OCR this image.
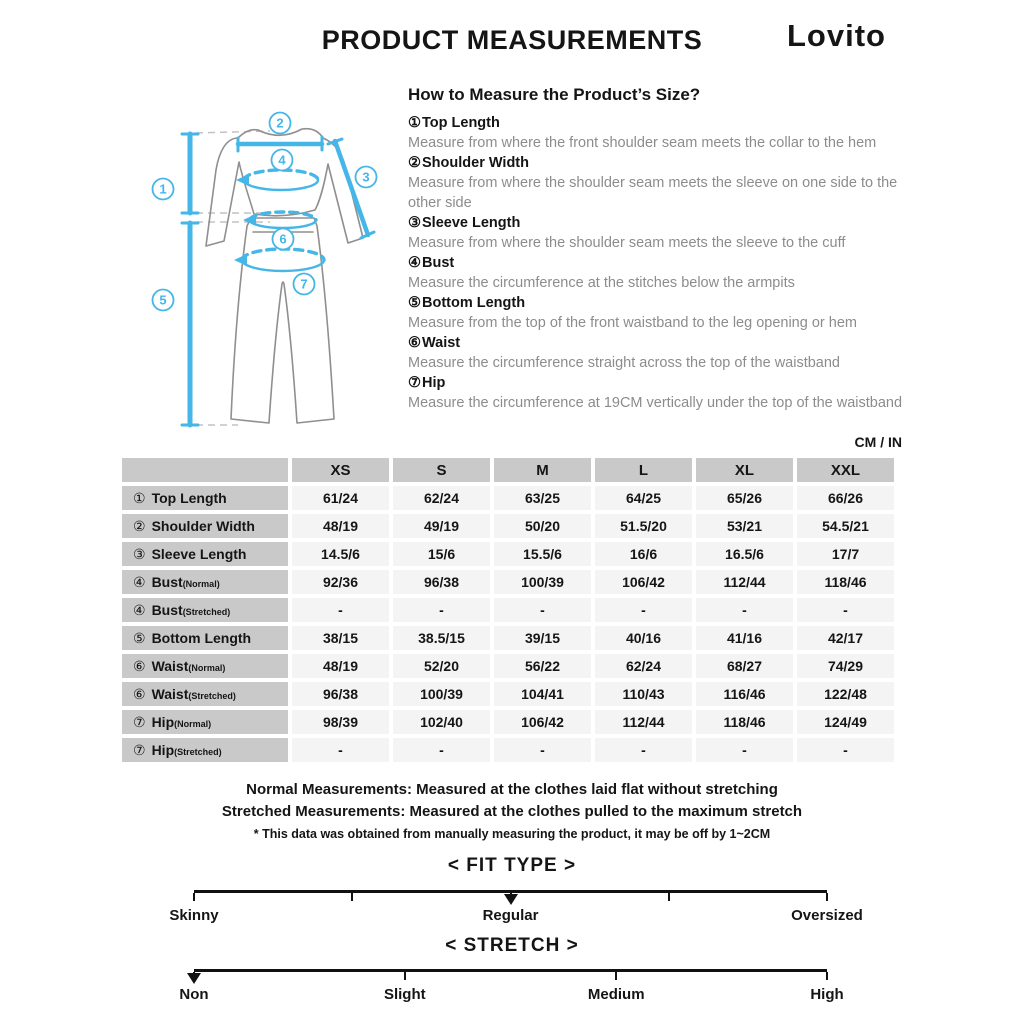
PRODUCT MEASUREMENTS	Lovito
1
2
3
4
5
6
7
How to Measure the Product’s Size?
①Top Length
Measure from where the front shoulder seam meets the collar to the hem
②Shoulder Width
Measure from where the shoulder seam meets the sleeve on one side to the other side
③Sleeve Length
Measure from where the shoulder seam meets the sleeve to the cuff
④Bust
Measure the circumference at the stitches below the armpits
⑤Bottom Length
Measure from the top of the front waistband to the leg opening or hem
⑥Waist
Measure the circumference straight across the top of the waistband
⑦Hip
Measure the circumference at 19CM vertically under the top of the waistband
CM / IN
	XS	S	M	L	XL	XXL
① Top Length	61/24	62/24	63/25	64/25	65/26	66/26
② Shoulder Width	48/19	49/19	50/20	51.5/20	53/21	54.5/21
③ Sleeve Length	14.5/6	15/6	15.5/6	16/6	16.5/6	17/7
④ Bust(Normal)	92/36	96/38	100/39	106/42	112/44	118/46
④ Bust(Stretched)	-	-	-	-	-	-
⑤ Bottom Length	38/15	38.5/15	39/15	40/16	41/16	42/17
⑥ Waist(Normal)	48/19	52/20	56/22	62/24	68/27	74/29
⑥ Waist(Stretched)	96/38	100/39	104/41	110/43	116/46	122/48
⑦ Hip(Normal)	98/39	102/40	106/42	112/44	118/46	124/49
⑦ Hip(Stretched)	-	-	-	-	-	-
Normal Measurements: Measured at the clothes laid flat without stretching
Stretched Measurements: Measured at the clothes pulled to the maximum stretch
* This data was obtained from manually measuring the product, it may be off by 1~2CM
< FIT TYPE >
Skinny	Regular	Oversized
< STRETCH >
Non	Slight	Medium	High
